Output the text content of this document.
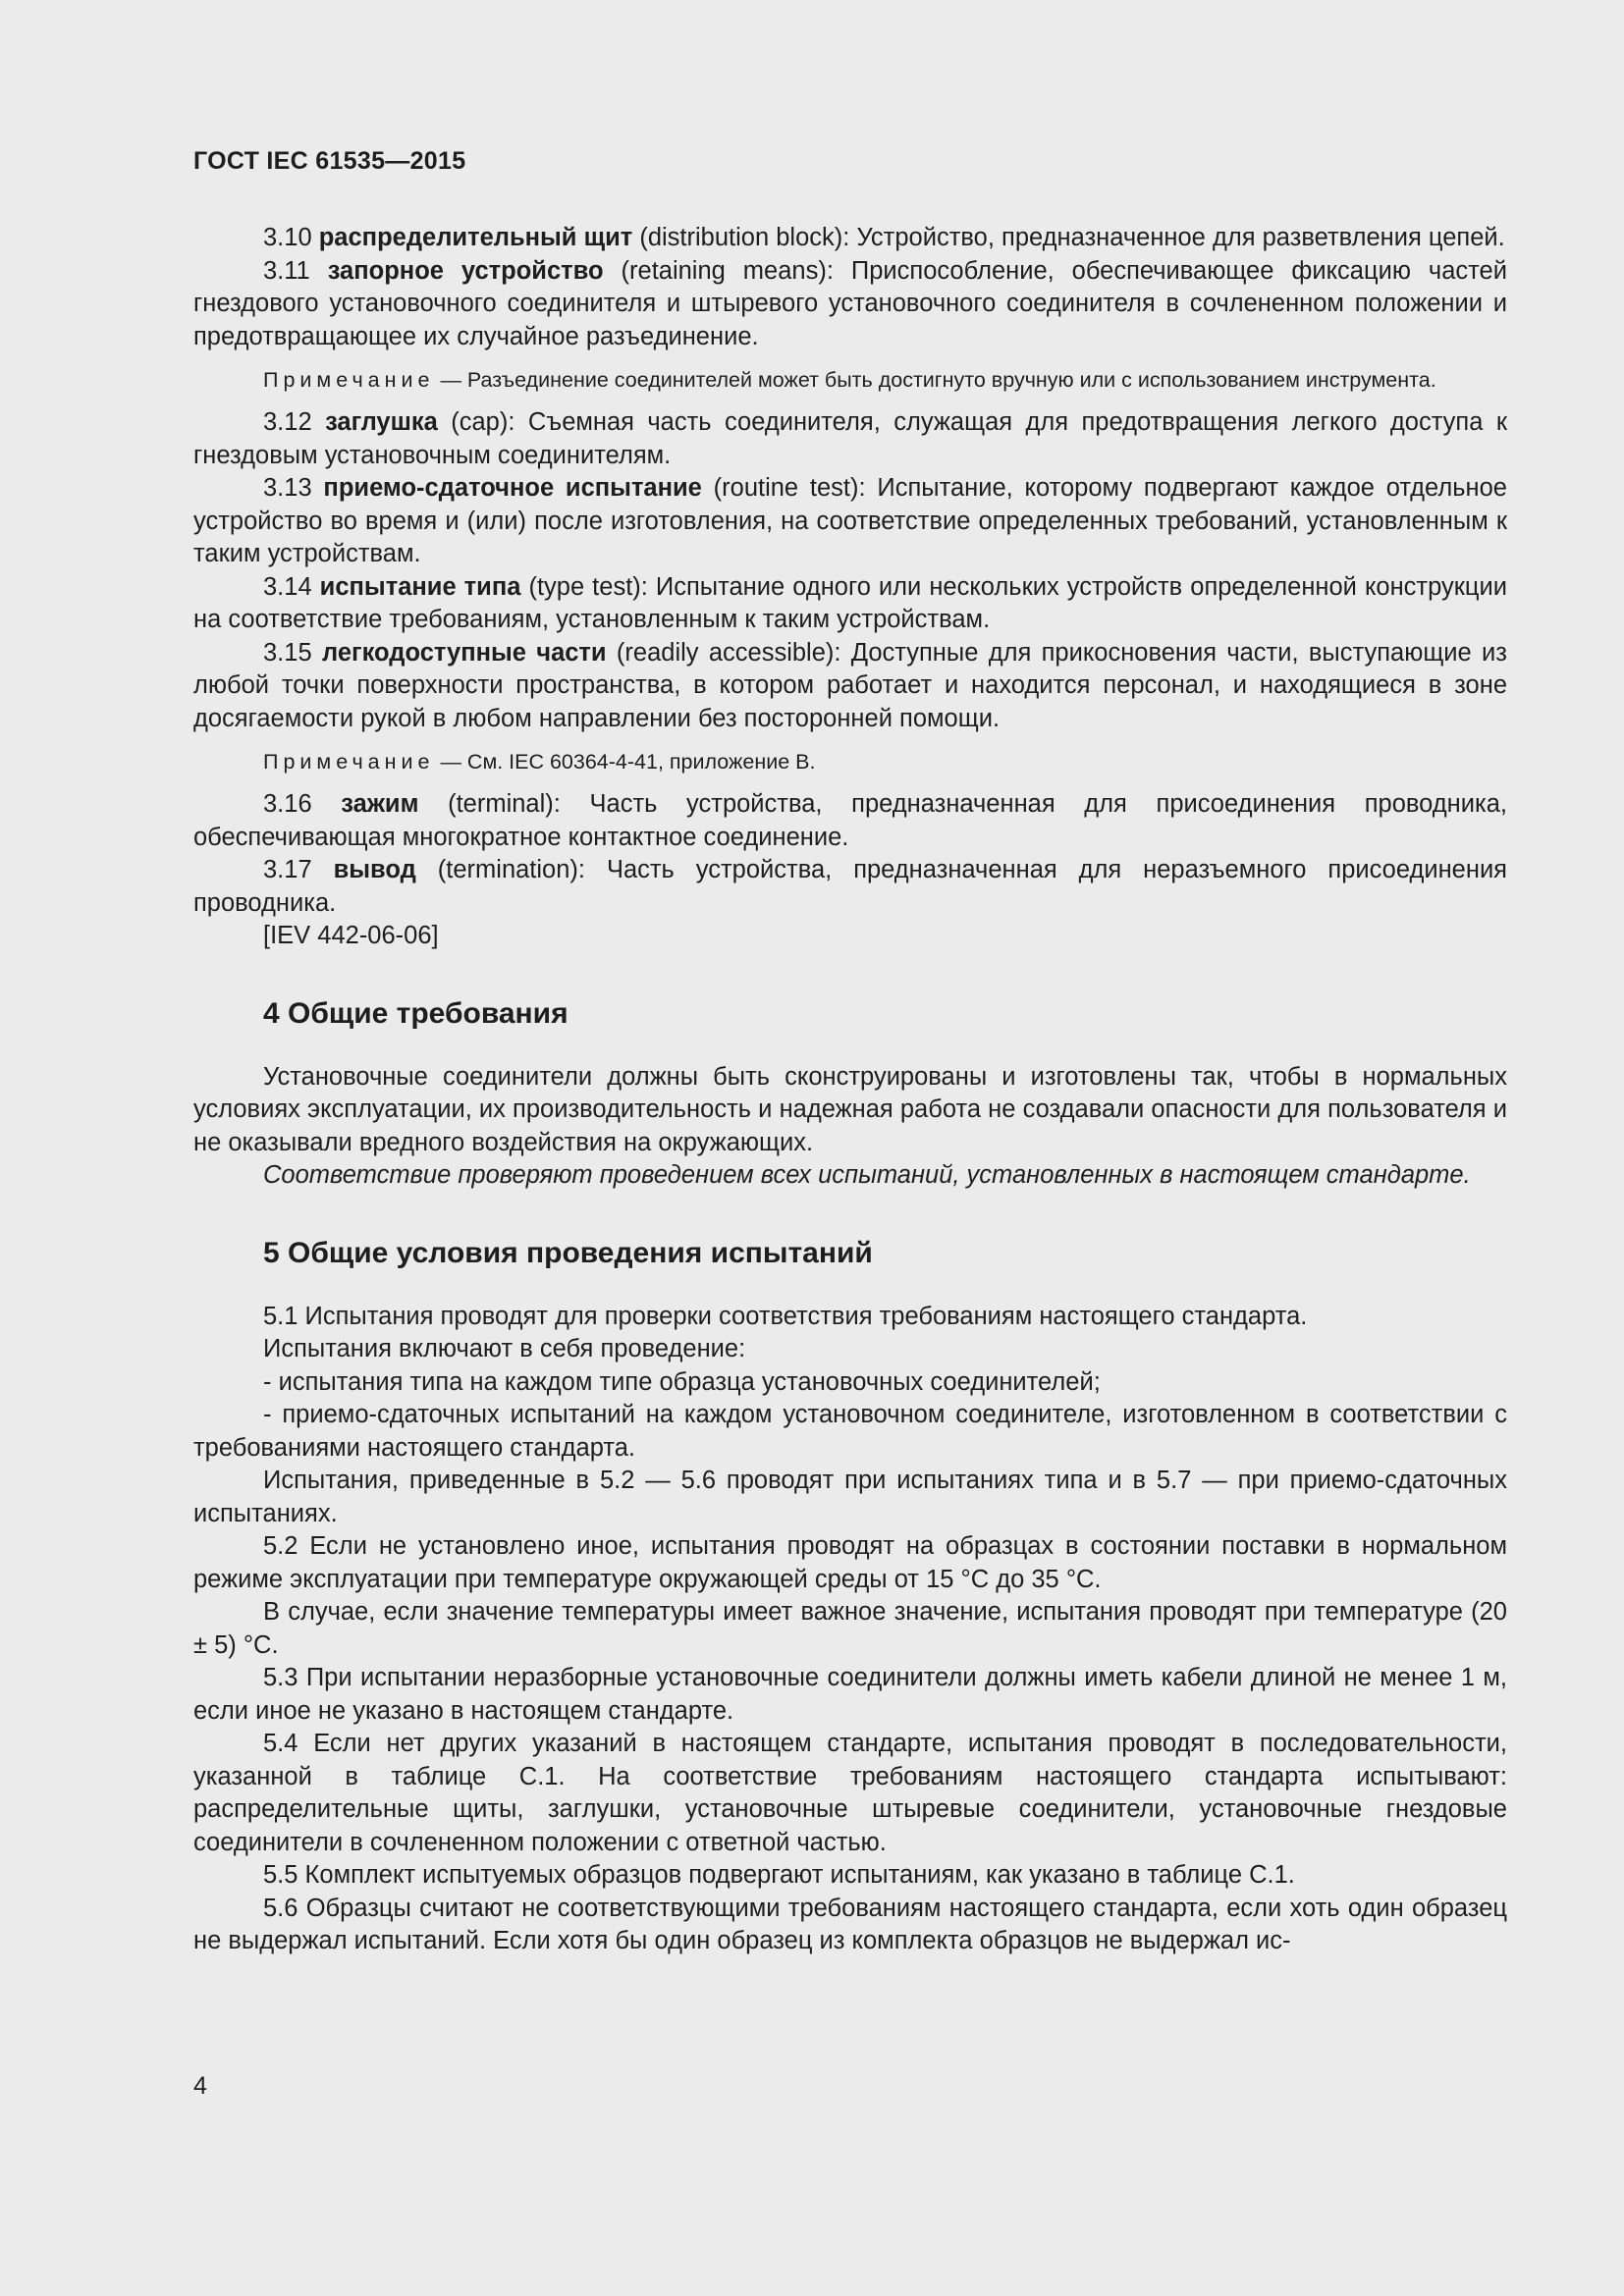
ГОСТ IEC 61535—2015

3.10 распределительный щит (distribution block): Устройство, предназначенное для разветвления цепей.

3.11 запорное устройство (retaining means): Приспособление, обеспечивающее фиксацию частей гнездового установочного соединителя и штыревого установочного соединителя в сочлененном положении и предотвращающее их случайное разъединение.

Примечание — Разъединение соединителей может быть достигнуто вручную или с использованием инструмента.

3.12 заглушка (cap): Съемная часть соединителя, служащая для предотвращения легкого доступа к гнездовым установочным соединителям.

3.13 приемо-сдаточное испытание (routine test): Испытание, которому подвергают каждое отдельное устройство во время и (или) после изготовления, на соответствие определенных требований, установленным к таким устройствам.

3.14 испытание типа (type test): Испытание одного или нескольких устройств определенной конструкции на соответствие требованиям, установленным к таким устройствам.

3.15 легкодоступные части (readily accessible): Доступные для прикосновения части, выступающие из любой точки поверхности пространства, в котором работает и находится персонал, и находящиеся в зоне досягаемости рукой в любом направлении без посторонней помощи.

Примечание — См. IEC 60364-4-41, приложение В.

3.16 зажим (terminal): Часть устройства, предназначенная для присоединения проводника, обеспечивающая многократное контактное соединение.

3.17 вывод (termination): Часть устройства, предназначенная для неразъемного присоединения проводника.

[IEV 442-06-06]

4 Общие требования

Установочные соединители должны быть сконструированы и изготовлены так, чтобы в нормальных условиях эксплуатации, их производительность и надежная работа не создавали опасности для пользователя и не оказывали вредного воздействия на окружающих.

Соответствие проверяют проведением всех испытаний, установленных в настоящем стандарте.

5 Общие условия проведения испытаний

5.1 Испытания проводят для проверки соответствия требованиям настоящего стандарта.

Испытания включают в себя проведение:

- испытания типа на каждом типе образца установочных соединителей;

- приемо-сдаточных испытаний на каждом установочном соединителе, изготовленном в соответствии с требованиями настоящего стандарта.

Испытания, приведенные в 5.2 — 5.6 проводят при испытаниях типа и в 5.7 — при приемо-сдаточных испытаниях.

5.2 Если не установлено иное, испытания проводят на образцах в состоянии поставки в нормальном режиме эксплуатации при температуре окружающей среды от 15 °С до 35 °С.

В случае, если значение температуры имеет важное значение, испытания проводят при температуре (20 ± 5) °С.

5.3 При испытании неразборные установочные соединители должны иметь кабели длиной не менее 1 м, если иное не указано в настоящем стандарте.

5.4 Если нет других указаний в настоящем стандарте, испытания проводят в последовательности, указанной в таблице С.1. На соответствие требованиям настоящего стандарта испытывают: распределительные щиты, заглушки, установочные штыревые соединители, установочные гнездовые соединители в сочлененном положении с ответной частью.

5.5 Комплект испытуемых образцов подвергают испытаниям, как указано в таблице С.1.

5.6 Образцы считают не соответствующими требованиям настоящего стандарта, если хоть один образец не выдержал испытаний. Если хотя бы один образец из комплекта образцов не выдержал ис-

4
